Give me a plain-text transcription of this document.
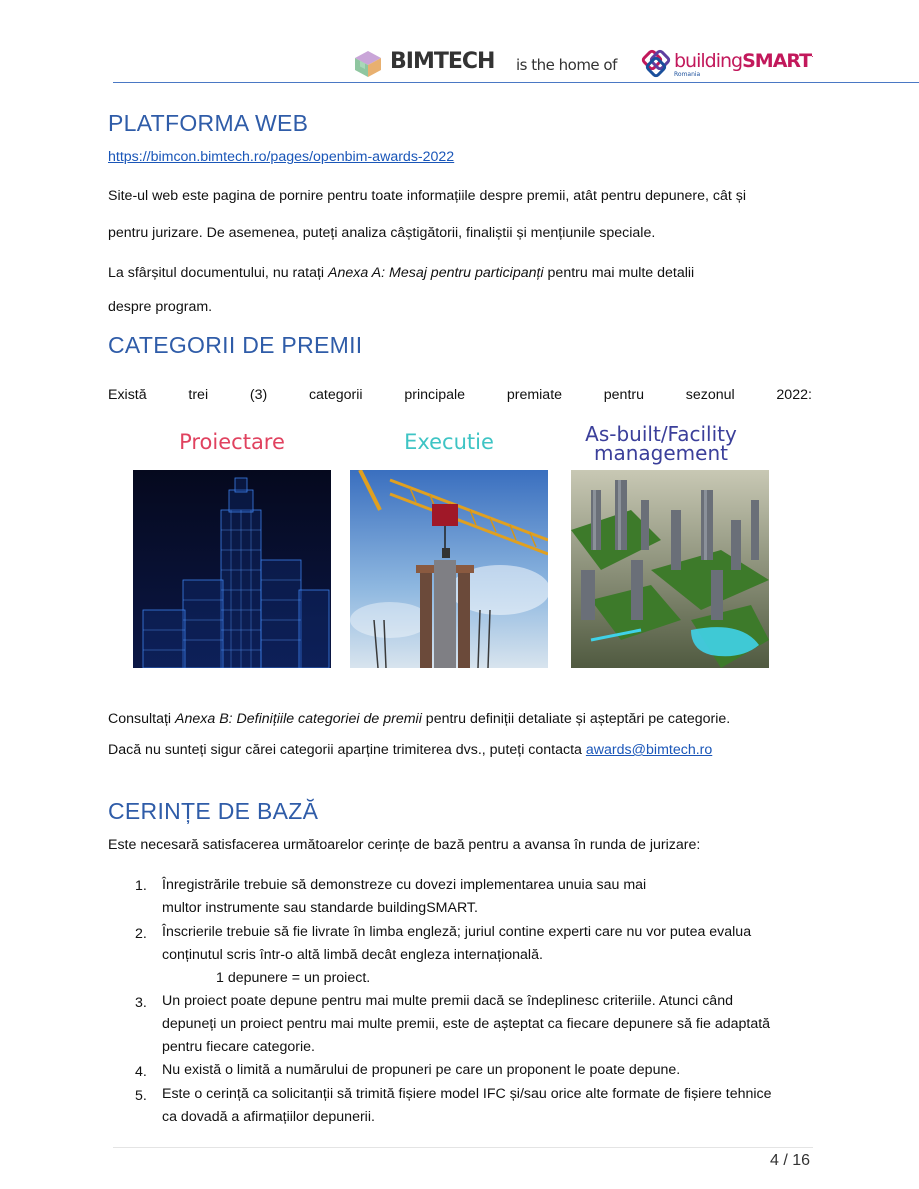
BIMTECH is the home of	buildingSMART.
Romania
PLATFORMA WEB
https://bimcon.bimtech.ro/pages/openbim-awards-2022
Site-ul web este pagina de pornire pentru toate informațiile despre premii, atât pentru depunere, cât și
pentru jurizare. De asemenea, puteți analiza câștigătorii, finaliștii și mențiunile speciale.
La sfârșitul documentului, nu ratați Anexa A: Mesaj pentru participanți pentru mai multe detalii
despre program.
CATEGORII DE PREMII
Există	trei	(3)	categorii	principale	premiate	pentru	sezonul	2022:
Proiectare	Executie	As-built/Facility
management
Consultați Anexa B: Definițiile categoriei de premii pentru definiții detaliate și așteptări pe categorie.
Dacă nu sunteți sigur cărei categorii aparține trimiterea dvs., puteți contacta awards@bimtech.ro
CERINȚE DE BAZĂ
Este necesară satisfacerea următoarelor cerințe de bază pentru a avansa în runda de jurizare:
1. Înregistrările trebuie să demonstreze cu dovezi implementarea unuia sau mai
multor instrumente sau standarde buildingSMART.
2. Înscrierile trebuie să fie livrate în limba engleză; juriul contine experti care nu vor putea evalua
conținutul scris într-o altă limbă decât engleza internațională.
1 depunere = un proiect.
3. Un proiect poate depune pentru mai multe premii dacă se îndeplinesc criteriile. Atunci când
depuneți un proiect pentru mai multe premii, este de așteptat ca fiecare depunere să fie adaptată
pentru fiecare categorie.
4. Nu există o limită a numărului de propuneri pe care un proponent le poate depune.
5. Este o cerință ca solicitanții să trimită fișiere model IFC și/sau orice alte formate de fișiere tehnice
ca dovadă a afirmațiilor depunerii.
4 / 16
